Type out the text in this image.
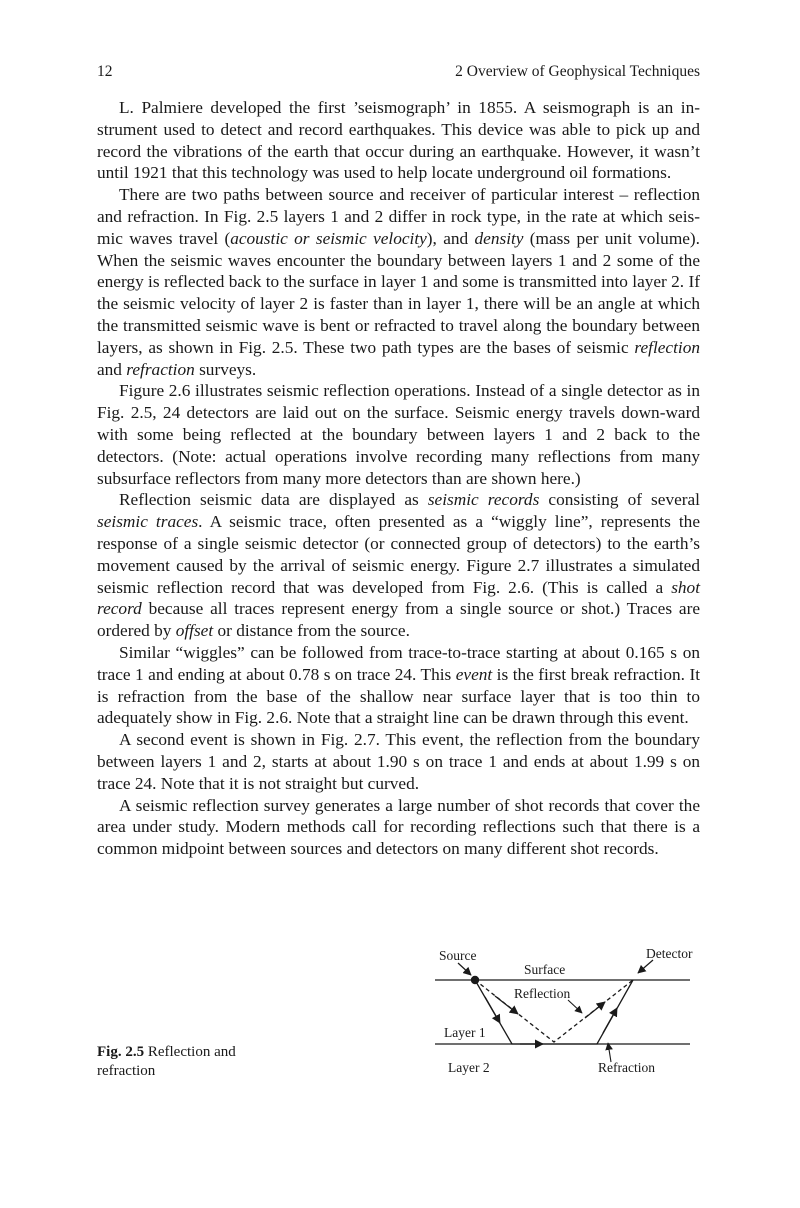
12	2 Overview of Geophysical Techniques

L. Palmiere developed the first ’seismograph’ in 1855. A seismograph is an in-strument used to detect and record earthquakes. This device was able to pick up and record the vibrations of the earth that occur during an earthquake. However, it wasn’t until 1921 that this technology was used to help locate underground oil formations.

There are two paths between source and receiver of particular interest – reflection and refraction. In Fig. 2.5 layers 1 and 2 differ in rock type, in the rate at which seis-mic waves travel (acoustic or seismic velocity), and density (mass per unit volume). When the seismic waves encounter the boundary between layers 1 and 2 some of the energy is reflected back to the surface in layer 1 and some is transmitted into layer 2. If the seismic velocity of layer 2 is faster than in layer 1, there will be an angle at which the transmitted seismic wave is bent or refracted to travel along the boundary between layers, as shown in Fig. 2.5. These two path types are the bases of seismic reflection and refraction surveys.

Figure 2.6 illustrates seismic reflection operations. Instead of a single detector as in Fig. 2.5, 24 detectors are laid out on the surface. Seismic energy travels down-ward with some being reflected at the boundary between layers 1 and 2 back to the detectors. (Note: actual operations involve recording many reflections from many subsurface reflectors from many more detectors than are shown here.)

Reflection seismic data are displayed as seismic records consisting of several seismic traces. A seismic trace, often presented as a “wiggly line”, represents the response of a single seismic detector (or connected group of detectors) to the earth’s movement caused by the arrival of seismic energy. Figure 2.7 illustrates a simulated seismic reflection record that was developed from Fig. 2.6. (This is called a shot record because all traces represent energy from a single source or shot.) Traces are ordered by offset or distance from the source.

Similar “wiggles” can be followed from trace-to-trace starting at about 0.165 s on trace 1 and ending at about 0.78 s on trace 24. This event is the first break refraction. It is refraction from the base of the shallow near surface layer that is too thin to adequately show in Fig. 2.6. Note that a straight line can be drawn through this event.

A second event is shown in Fig. 2.7. This event, the reflection from the boundary between layers 1 and 2, starts at about 1.90 s on trace 1 and ends at about 1.99 s on trace 24. Note that it is not straight but curved.

A seismic reflection survey generates a large number of shot records that cover the area under study. Modern methods call for recording reflections such that there is a common midpoint between sources and detectors on many different shot records.

Fig. 2.5 Reflection and refraction
Source	Detector
Surface
Reflection
Layer 1
Layer 2	Refraction
